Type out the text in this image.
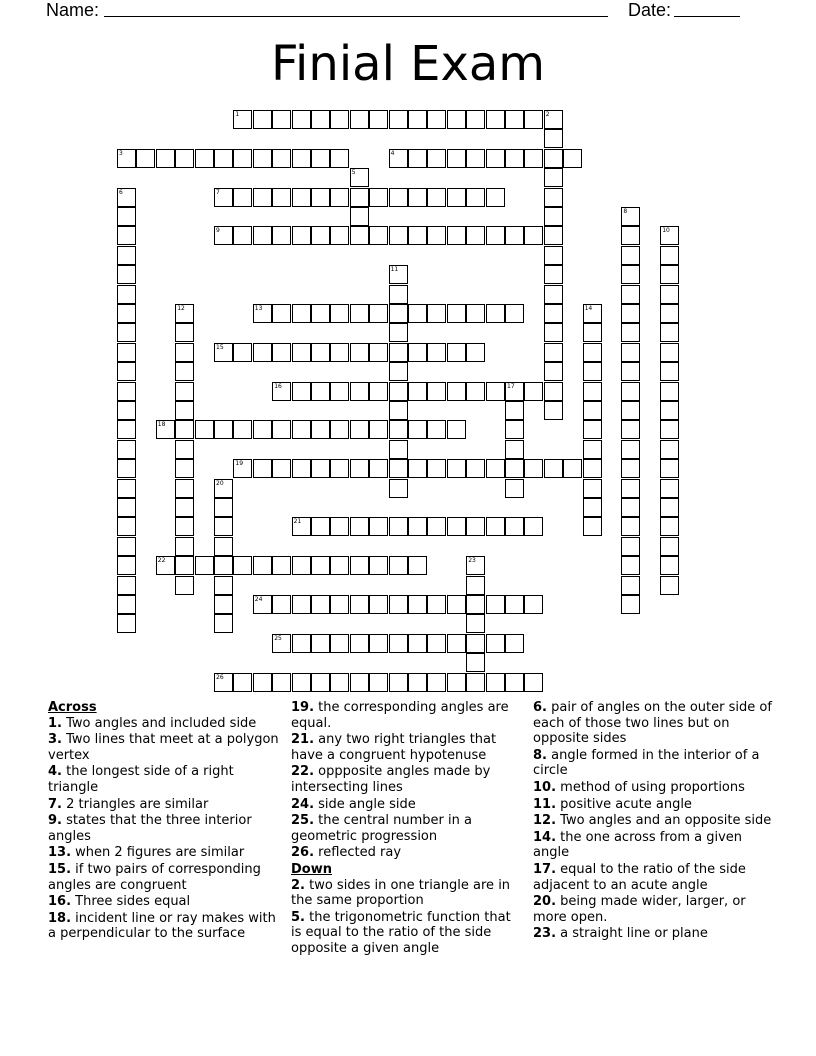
Name:	Date:
Finial Exam
1	2
3	4
5
6	7
8
9	10
11
12	13	14
15
16	17
18
19
20
21
22	23
24
25
26

Across

1. Two angles and included side

3. Two lines that meet at a polygon vertex

4. the longest side of a right triangle

7. 2 triangles are similar

9. states that the three interior angles

13. when 2 figures are similar

15. if two pairs of corresponding angles are congruent

16. Three sides equal

18. incident line or ray makes with a perpendicular to the surface

19. the corresponding angles are equal.

21. any two right triangles that have a congruent hypotenuse

22. oppposite angles made by intersecting lines

24. side angle side

25. the central number in a geometric progression

26. reflected ray

Down

2. two sides in one triangle are in the same proportion

5. the trigonometric function that is equal to the ratio of the side opposite a given angle

6. pair of angles on the outer side of each of those two lines but on opposite sides

8. angle formed in the interior of a circle

10. method of using proportions

11. positive acute angle

12. Two angles and an opposite side

14. the one across from a given angle

17. equal to the ratio of the side adjacent to an acute angle

20. being made wider, larger, or more open.

23. a straight line or plane
